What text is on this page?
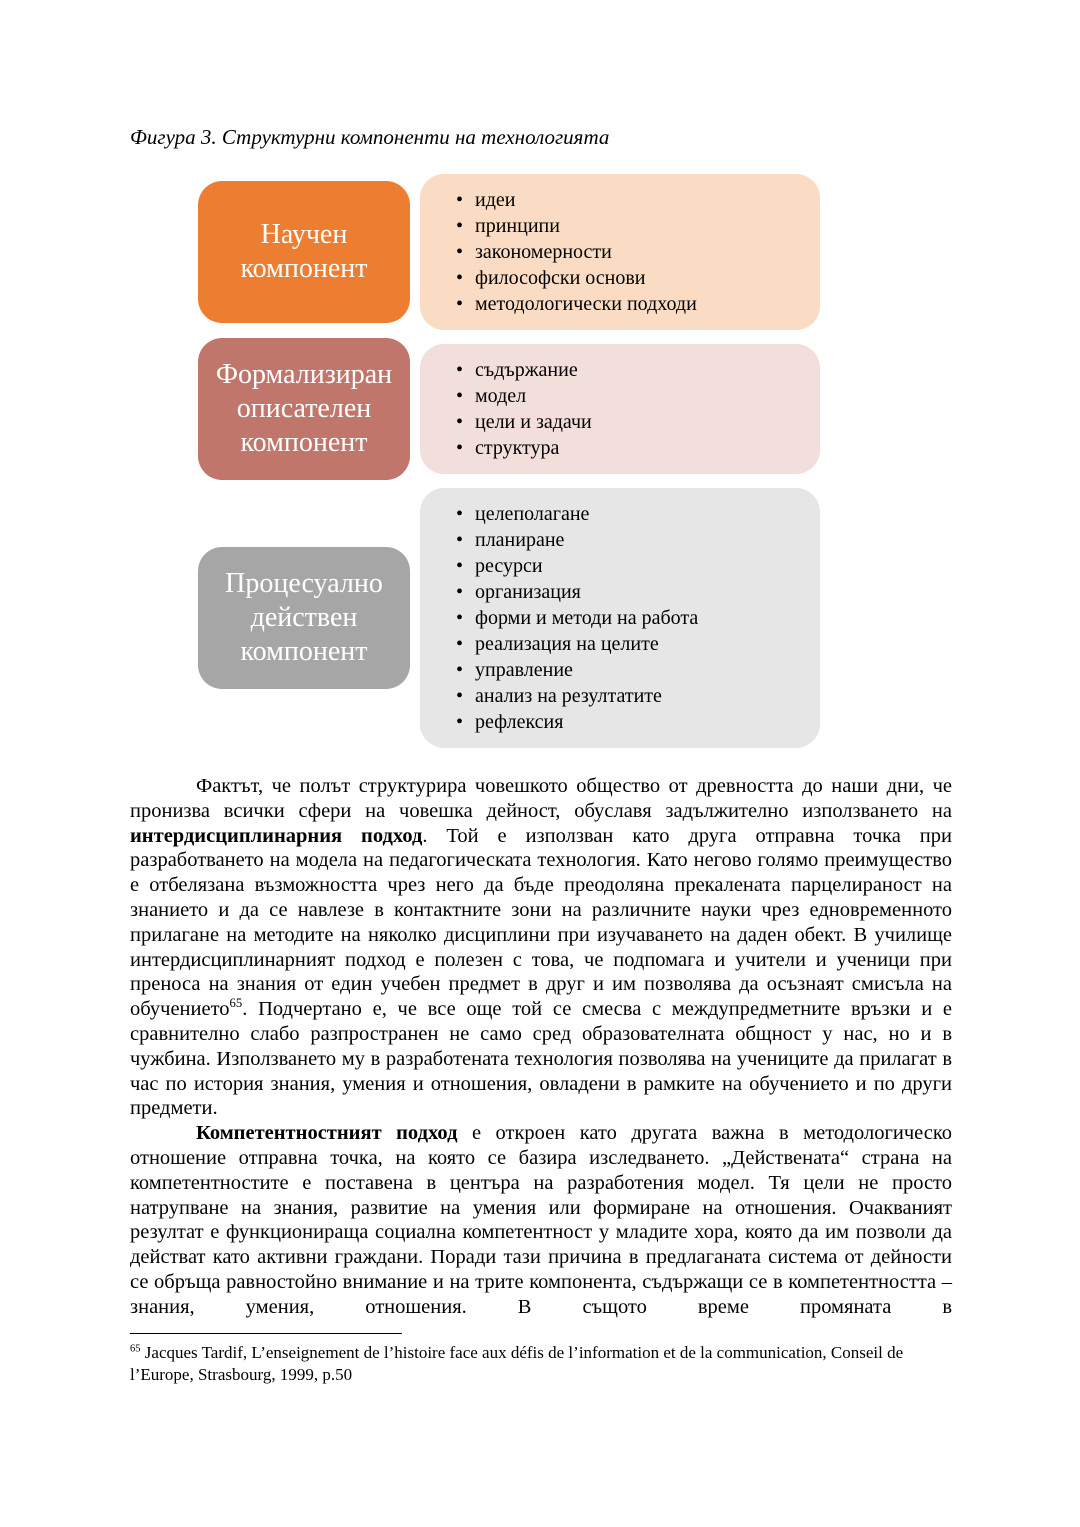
Фигура 3. Структурни компоненти на технологията
Научен
компонент
• идеи
• принципи
• закономерности
• философски основи
• методологически подходи
Формализиран
описателен
компонент
• съдържание
• модел
• цели и задачи
• структура
Процесуално
действен
компонент
• целеполагане
• планиране
• ресурси
• организация
• форми и методи на работа
• реализация на целите
• управление
• анализ на резултатите
• рефлексия

Фактът, че полът структурира човешкото общество от древността до наши дни, че пронизва всички сфери на човешка дейност, обуславя задължително използването на интердисциплинарния подход. Той е използван като друга отправна точка при разработването на модела на педагогическата технология. Като негово голямо преимущество е отбелязана възможността чрез него да бъде преодоляна прекалената парцелираност на знанието и да се навлезе в контактните зони на различните науки чрез едновременното прилагане на методите на няколко дисциплини при изучаването на даден обект. В училище интердисциплинарният подход е полезен с това, че подпомага и учители и ученици при преноса на знания от един учебен предмет в друг и им позволява да осъзнаят смисъла на обучението$^{65}$. Подчертано е, че все още той се смесва с междупредметните връзки и е сравнително слабо разпространен не само сред образователната общност у нас, но и в чужбина. Използването му в разработената технология позволява на учениците да прилагат в час по история знания, умения и отношения, овладени в рамките на обучението и по други предмети.

Компетентностният подход е откроен като другата важна в методологическо отношение отправна точка, на която се базира изследването. „Действената“ страна на компетентностите е поставена в центъра на разработения модел. Тя цели не просто натрупване на знания, развитие на умения или формиране на отношения. Очакваният резултат е функционираща социална компетентност у младите хора, която да им позволи да действат като активни граждани. Поради тази причина в предлаганата система от дейности се обръща равностойно внимание и на трите компонента, съдържащи се в компетентността – знания, умения, отношения. В същото време промяната в

$^{65}$ Jacques Tardif, L’enseignement de l’histoire face aux défis de l’information et de la communication, Conseil de l’Europe, Strasbourg, 1999, p.50
